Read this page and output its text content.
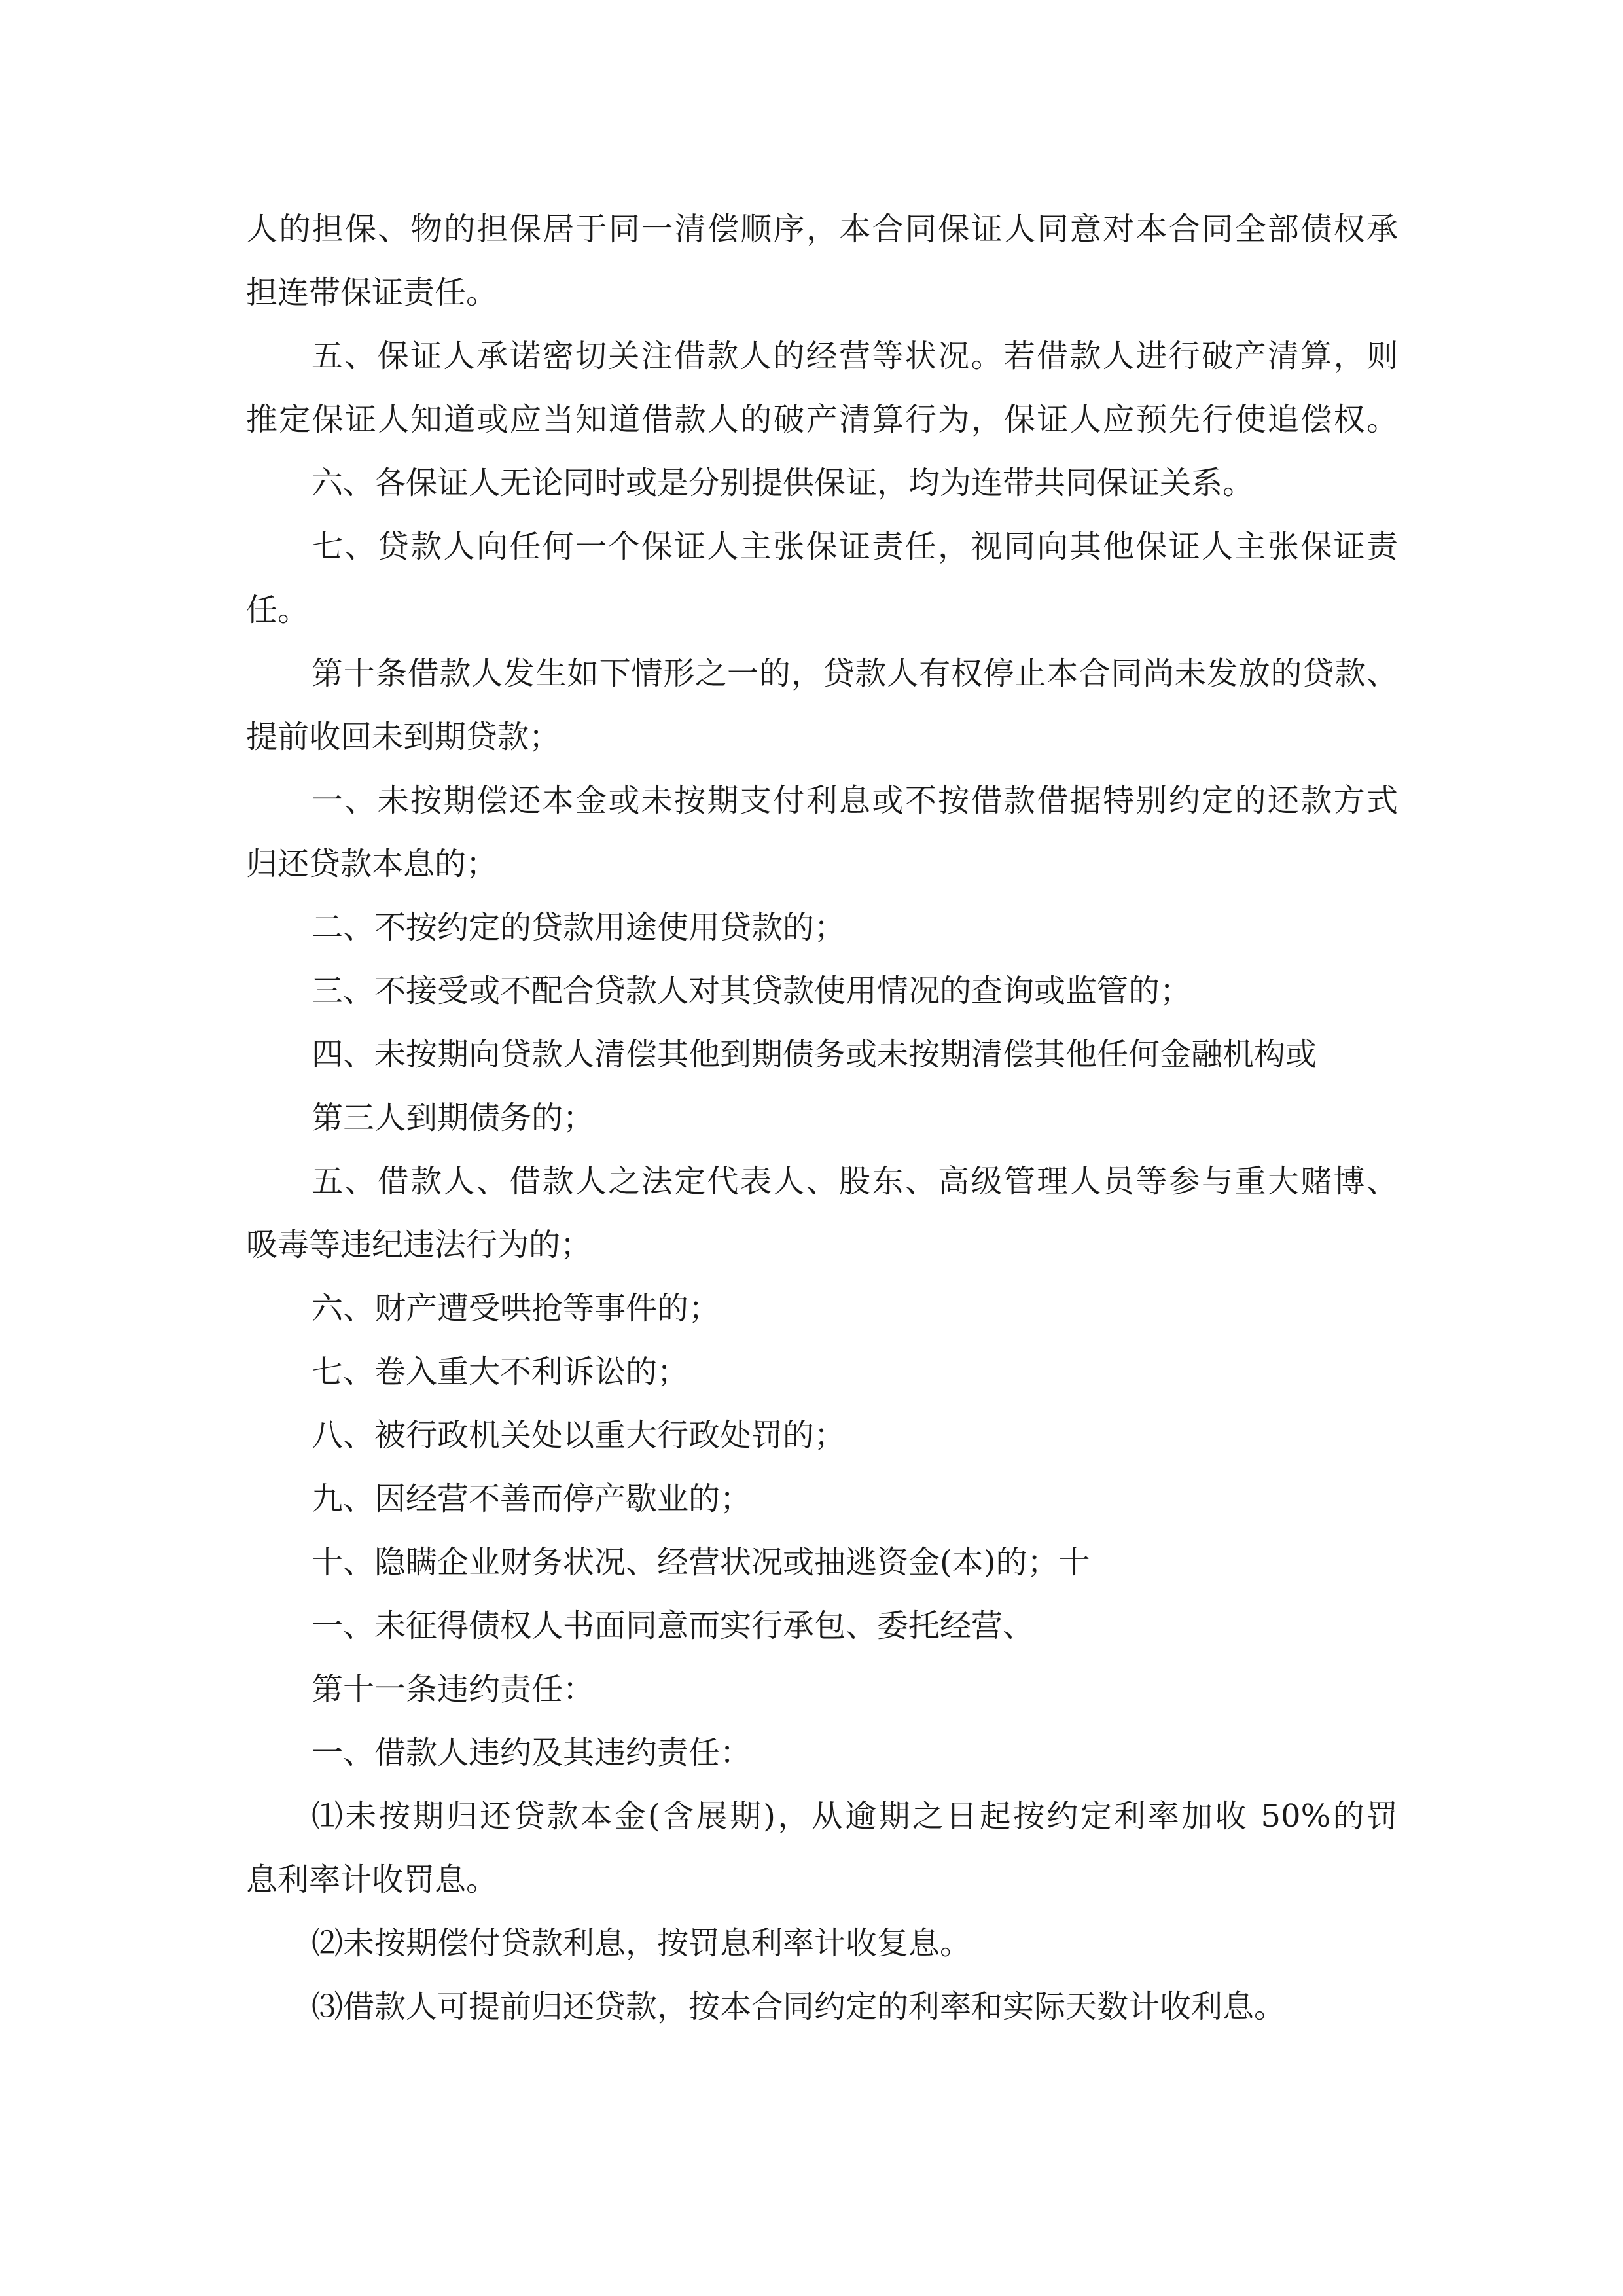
人的担保、物的担保居于同一清偿顺序，本合同保证人同意对本合同全部债权承
担连带保证责任。
五、保证人承诺密切关注借款人的经营等状况。若借款人进行破产清算，则
推定保证人知道或应当知道借款人的破产清算行为，保证人应预先行使追偿权。
六、各保证人无论同时或是分别提供保证，均为连带共同保证关系。
七、贷款人向任何一个保证人主张保证责任，视同向其他保证人主张保证责
任。
第十条借款人发生如下情形之一的，贷款人有权停止本合同尚未发放的贷款、
提前收回未到期贷款；
一、未按期偿还本金或未按期支付利息或不按借款借据特别约定的还款方式
归还贷款本息的；
二、不按约定的贷款用途使用贷款的；
三、不接受或不配合贷款人对其贷款使用情况的查询或监管的；
四、未按期向贷款人清偿其他到期债务或未按期清偿其他任何金融机构或
第三人到期债务的；
五、借款人、借款人之法定代表人、股东、高级管理人员等参与重大赌博、
吸毒等违纪违法行为的；
六、财产遭受哄抢等事件的；
七、卷入重大不利诉讼的；
八、被行政机关处以重大行政处罚的；
九、因经营不善而停产歇业的；
十、隐瞒企业财务状况、经营状况或抽逃资金(本)的；十
一、未征得债权人书面同意而实行承包、委托经营、
第十一条违约责任：
一、借款人违约及其违约责任：
⑴未按期归还贷款本金(含展期)，从逾期之日起按约定利率加收 50%的罚
息利率计收罚息。
⑵未按期偿付贷款利息，按罚息利率计收复息。
⑶借款人可提前归还贷款，按本合同约定的利率和实际天数计收利息。
